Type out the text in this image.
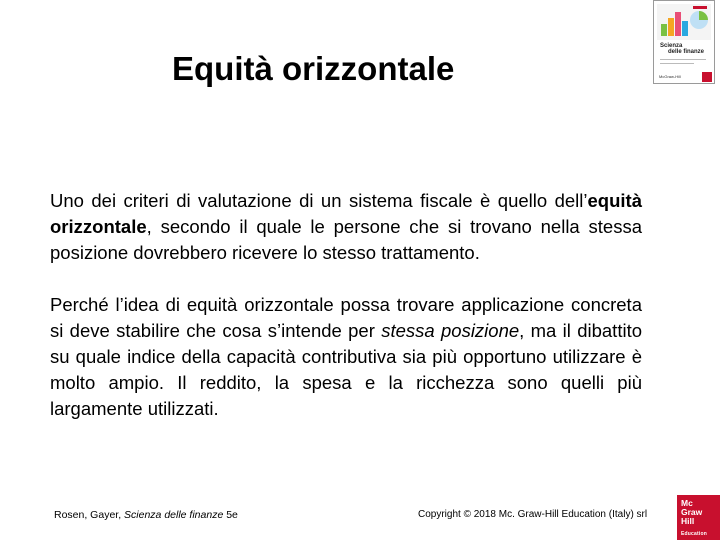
Equità orizzontale
Scienza
delle finanze
McGraw-Hill
Uno dei criteri di valutazione di un sistema fiscale è quello dell’equità orizzontale, secondo il quale le persone che si trovano nella stessa posizione dovrebbero ricevere lo stesso trattamento.
Perché l’idea di equità orizzontale possa trovare applicazione concreta si deve stabilire che cosa s’intende per stessa posizione, ma il dibattito su quale indice della capacità contributiva sia più opportuno utilizzare è molto ampio. Il reddito, la spesa e la ricchezza sono quelli più largamente utilizzati.
Rosen, Gayer, Scienza delle finanze 5e	Copyright © 2018 Mc. Graw-Hill Education (Italy) srl
Mc
Graw
Hill
Education
